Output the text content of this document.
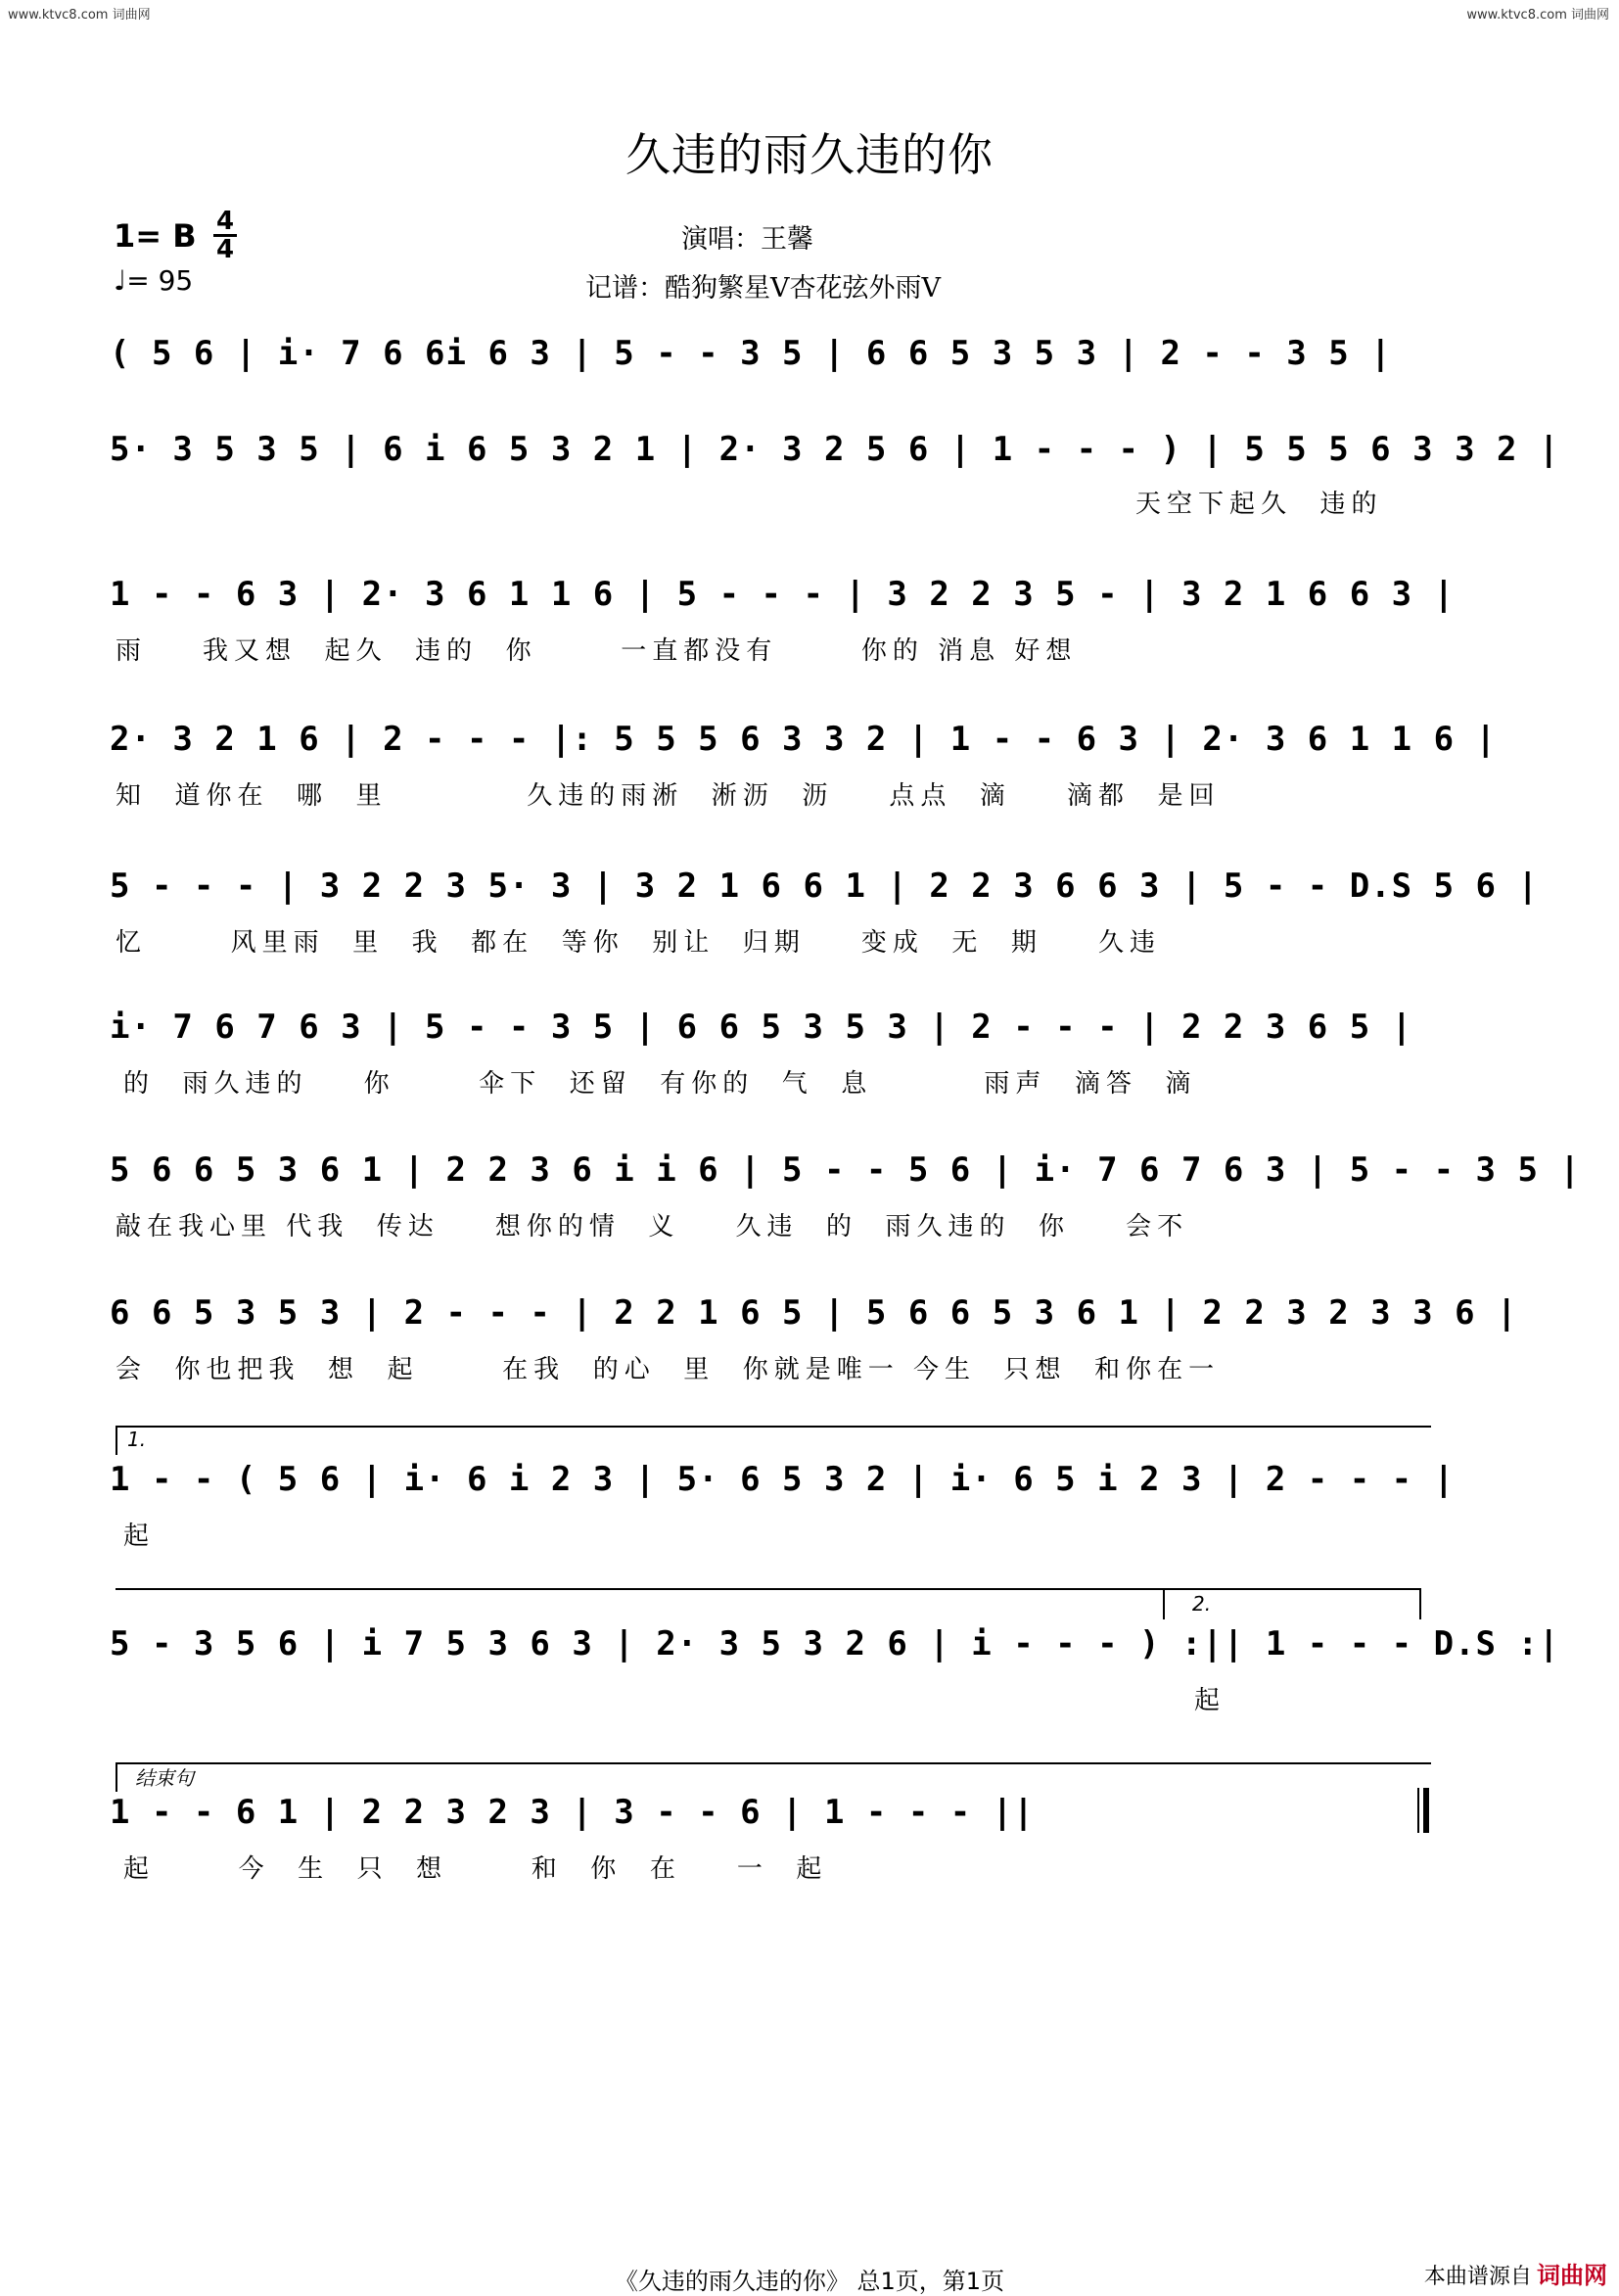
www.ktvc8.com 词曲网	www.ktvc8.com 词曲网
久违的雨久违的你
1= B 4
4
♩= 95
演唱：王馨
记谱：酷狗繁星V杏花弦外雨V
( 5 6 | i· 7 6 6i 6 3 | 5 - - 3 5 | 6 6 5 3 5 3 | 2 - - 3 5 |
5· 3 5 3 5 | 6 i 6 5 3 2 1 | 2· 3 2 5 6 | 1 - - - ) | 5 5 5 6 3 3 2 |
天空下起久  违的
1 - - 6 3 | 2· 3 6 1 1 6 | 5 - - - | 3 2 2 3 5 - | 3 2 1 6 6 3 |
雨    我又想  起久  违的  你      一直都没有      你的 消息 好想
2· 3 2 1 6 | 2 - - - |: 5 5 5 6 3 3 2 | 1 - - 6 3 | 2· 3 6 1 1 6 |
知  道你在  哪  里          久违的雨淅  淅沥  沥    点点  滴    滴都  是回
5 - - - | 3 2 2 3 5· 3 | 3 2 1 6 6 1 | 2 2 3 6 6 3 | 5 - - D.S 5 6 |
忆      风里雨  里  我  都在  等你  别让  归期    变成  无  期    久违
i· 7 6 7 6 3 | 5 - - 3 5 | 6 6 5 3 5 3 | 2 - - - | 2 2 3 6 5 |
的  雨久违的    你      伞下  还留  有你的  气  息        雨声  滴答  滴
5 6 6 5 3 6 1 | 2 2 3 6 i i 6 | 5 - - 5 6 | i· 7 6 7 6 3 | 5 - - 3 5 |
敲在我心里 代我  传达    想你的情  义    久违  的  雨久违的  你    会不
6 6 5 3 5 3 | 2 - - - | 2 2 1 6 5 | 5 6 6 5 3 6 1 | 2 2 3 2 3 3 6 |
会  你也把我  想  起      在我  的心  里  你就是唯一 今生  只想  和你在一
1.
1 - - ( 5 6 | i· 6 i 2 3 | 5· 6 5 3 2 | i· 6 5 i 2 3 | 2 - - - |
起
2.
5 - 3 5 6 | i 7 5 3 6 3 | 2· 3 5 3 2 6 | i - - - ) :|| 1 - - - D.S :|
起
结束句
1 - - 6 1 | 2 2 3 2 3 | 3 - - 6 | 1 - - - ||
起      今  生  只  想      和  你  在    一  起
《久违的雨久违的你》 总1页，第1页	本曲谱源自 词曲网
